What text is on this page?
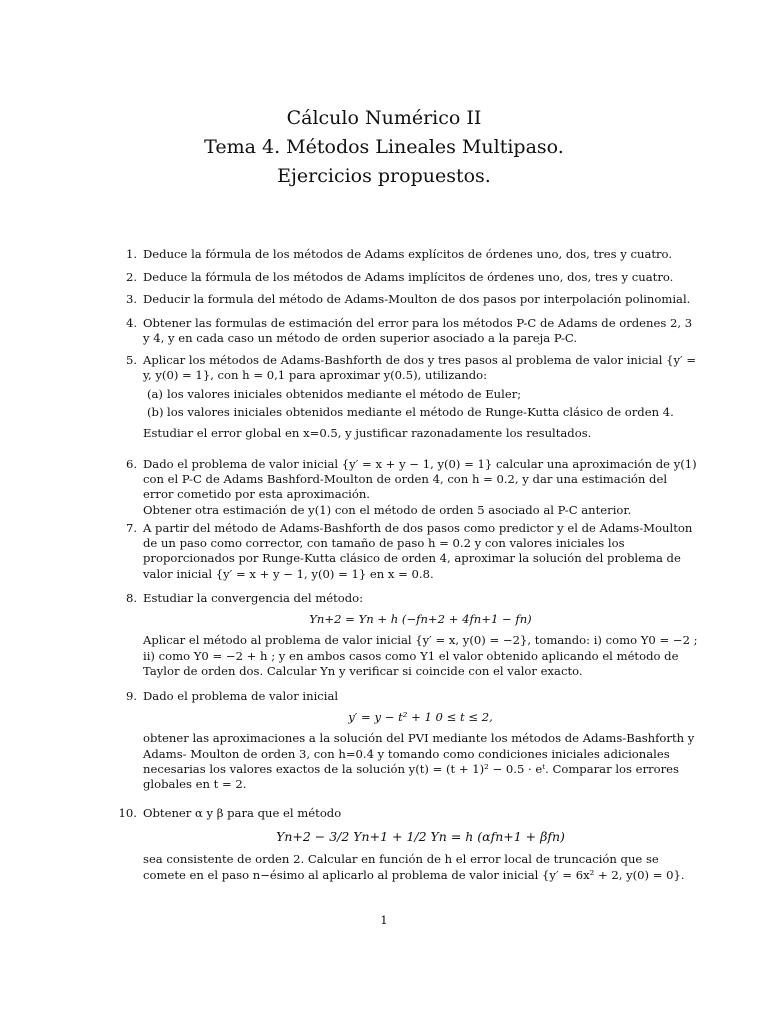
Cálculo Numérico II
Tema 4. Métodos Lineales Multipaso.
Ejercicios propuestos.
1. Deduce la fórmula de los métodos de Adams explícitos de órdenes uno, dos, tres y cuatro.

2. Deduce la fórmula de los métodos de Adams implícitos de órdenes uno, dos, tres y cuatro.

3. Deducir la formula del método de Adams-Moulton de dos pasos por interpolación polinomial.

4. Obtener las formulas de estimación del error para los métodos P-C de Adams de ordenes 2, 3 y 4, y en cada caso un método de orden superior asociado a la pareja P-C.

5. Aplicar los métodos de Adams-Bashforth de dos y tres pasos al problema de valor inicial {y′ = y, y(0) = 1}, con h = 0,1 para aproximar y(0.5), utilizando:

(a) los valores iniciales obtenidos mediante el método de Euler;
(b) los valores iniciales obtenidos mediante el método de Runge-Kutta clásico de orden 4.

Estudiar el error global en x=0.5, y justificar razonadamente los resultados.

6. Dado el problema de valor inicial {y′ = x + y − 1, y(0) = 1} calcular una aproximación de y(1) con el P-C de Adams Bashford-Moulton de orden 4, con h = 0.2, y dar una estimación del error cometido por esta aproximación.

Obtener otra estimación de y(1) con el método de orden 5 asociado al P-C anterior.

7. A partir del método de Adams-Bashforth de dos pasos como predictor y el de Adams-Moulton de un paso como corrector, con tamaño de paso h = 0.2 y con valores iniciales los proporcionados por Runge-Kutta clásico de orden 4, aproximar la solución del problema de valor inicial {y′ = x + y − 1, y(0) = 1} en x = 0.8.

8. Estudiar la convergencia del método:

Yn+2 = Yn + h (−fn+2 + 4fn+1 − fn)

Aplicar el método al problema de valor inicial {y′ = x, y(0) = −2}, tomando: i) como Y0 = −2 ; ii) como Y0 = −2 + h ; y en ambos casos como Y1 el valor obtenido aplicando el método de Taylor de orden dos. Calcular Yn y verificar si coincide con el valor exacto.

9. Dado el problema de valor inicial

y′ = y − t² + 1 0 ≤ t ≤ 2,

obtener las aproximaciones a la solución del PVI mediante los métodos de Adams-Bashforth y Adams- Moulton de orden 3, con h=0.4 y tomando como condiciones iniciales adicionales necesarias los valores exactos de la solución y(t) = (t + 1)² − 0.5 · eᵗ. Comparar los errores globales en t = 2.

10. Obtener α y β para que el método

Yn+2 − 3/2 Yn+1 + 1/2 Yn = h (αfn+1 + βfn)

sea consistente de orden 2. Calcular en función de h el error local de truncación que se comete en el paso n−ésimo al aplicarlo al problema de valor inicial {y′ = 6x² + 2, y(0) = 0}.

1
